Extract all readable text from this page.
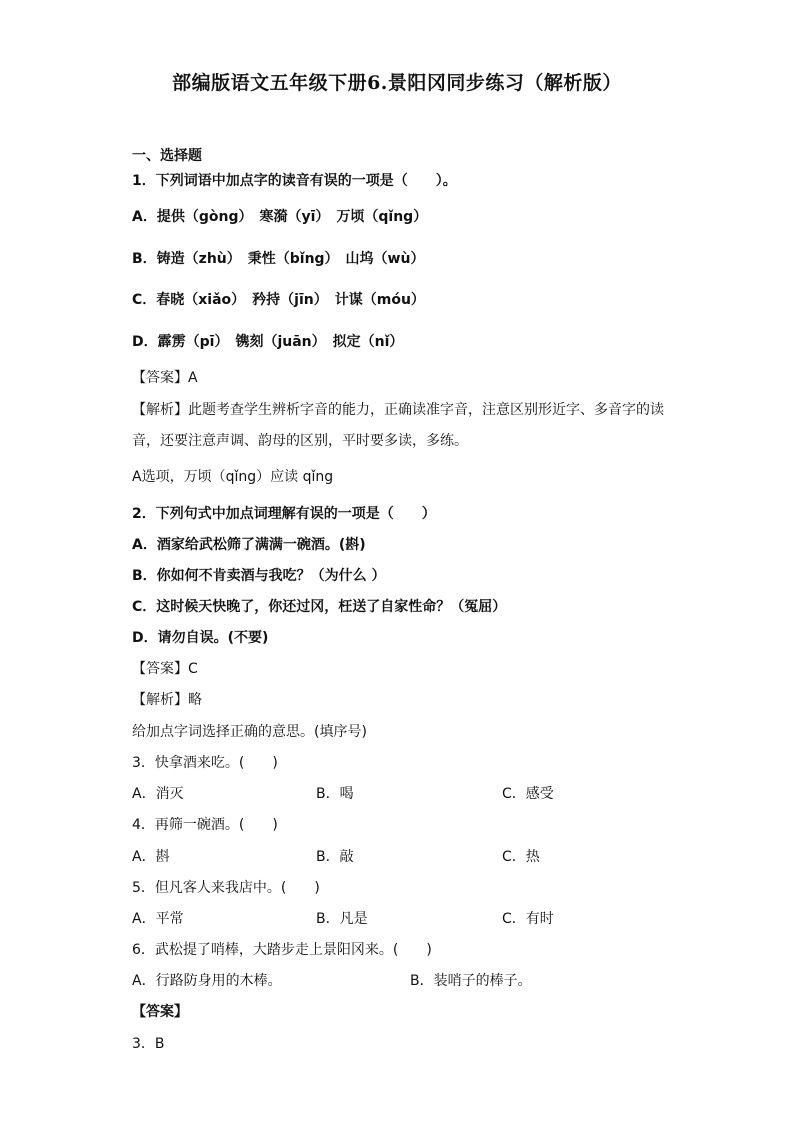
部编版语文五年级下册6.景阳冈同步练习（解析版）
一、选择题
1．下列词语中加点字的读音有误的一项是（　　）。
A．提供（gòng）　寒漪（yī）　万顷（qǐng）
B．铸造（zhù）　秉性（bǐng）　山坞（wù）
C．春晓（xiǎo）　矜持（jīn）　计谋（móu）
D．霹雳（pī）　镌刻（juān）　拟定（nǐ）
【答案】A
【解析】此题考查学生辨析字音的能力，正确读准字音，注意区别形近字、多音字的读
音，还要注意声调、韵母的区别，平时要多读，多练。
A选项，万顷（qǐng）应读 qǐng
2．下列句式中加点词理解有误的一项是（　　）
A．酒家给武松筛了满满一碗酒。(斟)
B．你如何不肯卖酒与我吃？（为什么 ）
C．这时候天快晚了，你还过冈，枉送了自家性命？（冤屈）
D．请勿自误。(不要)
【答案】C
【解析】略
给加点字词选择正确的意思。(填序号)
3．快拿酒来吃。(　　)
A．消灭	B．喝	C．感受
4．再筛一碗酒。(　　)
A．斟	B．敲	C．热
5．但凡客人来我店中。(　　)
A．平常	B．凡是	C．有时
6．武松提了哨棒，大踏步走上景阳冈来。(　　)
A．行路防身用的木棒。	B．装哨子的棒子。
【答案】
3．B
